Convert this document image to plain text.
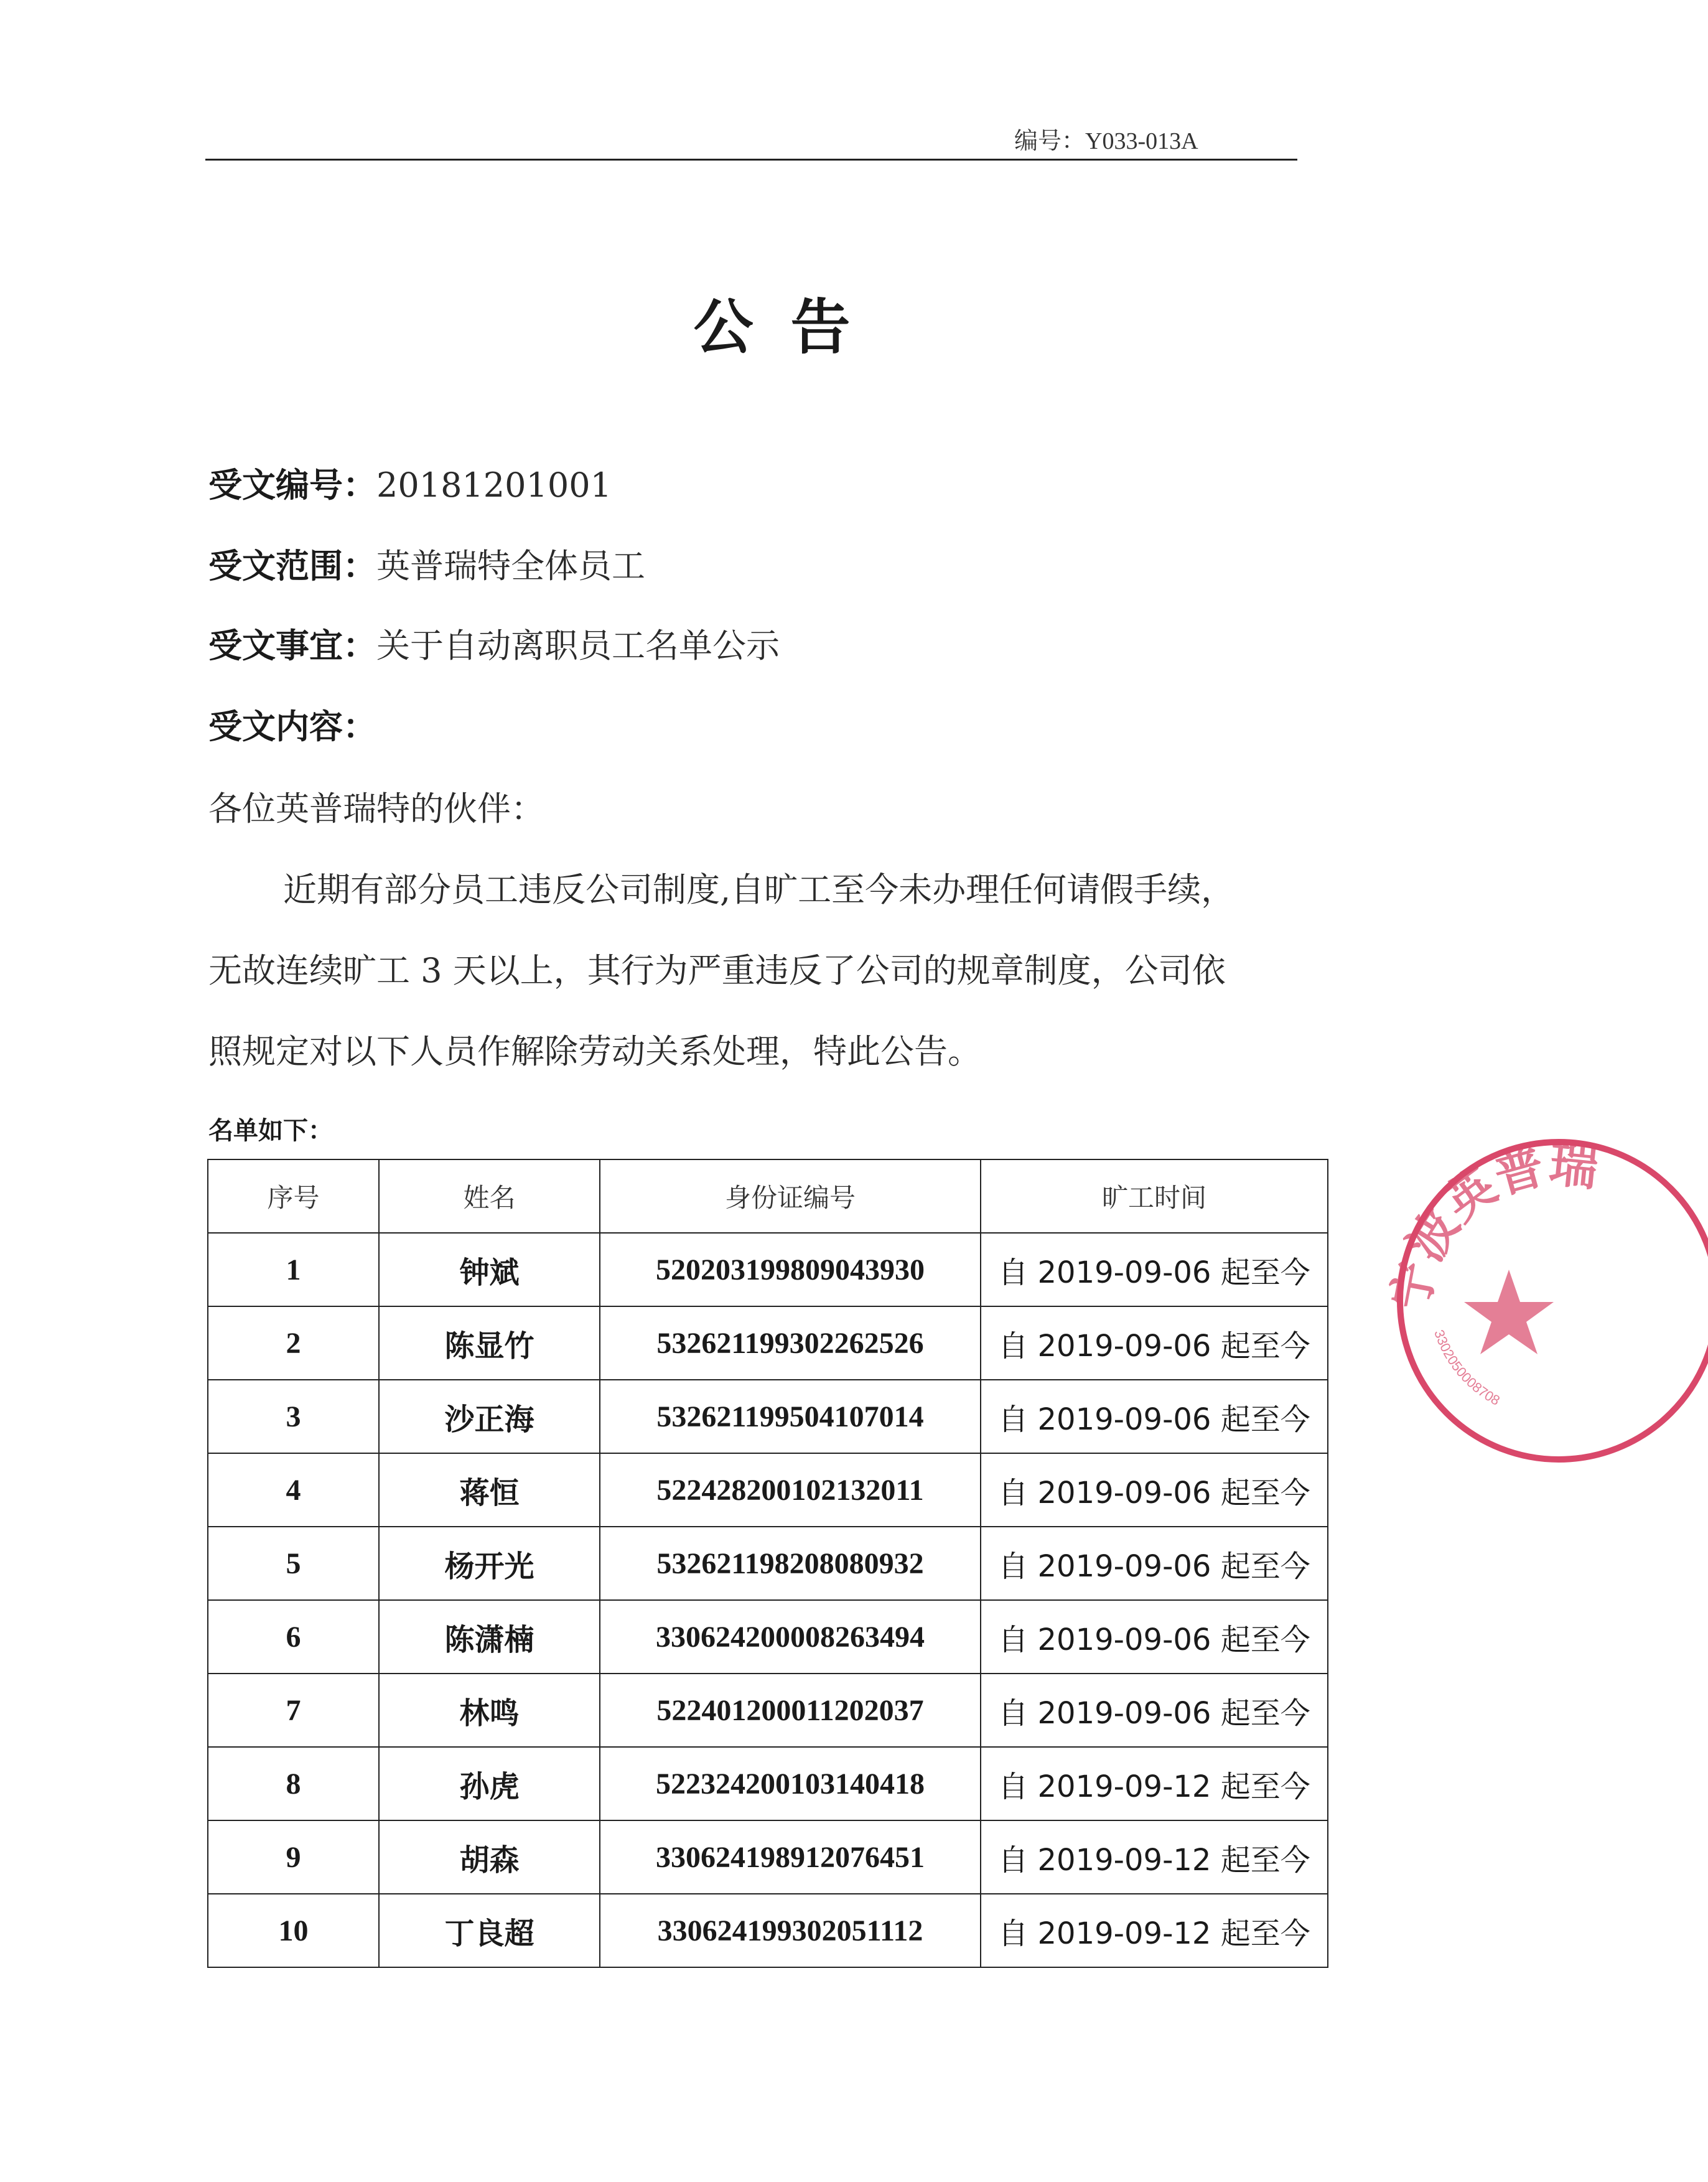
编号：Y033-013A
公告
受文编号：20181201001
受文范围：英普瑞特全体员工
受文事宜：关于自动离职员工名单公示
受文内容：
各位英普瑞特的伙伴：
近期有部分员工违反公司制度,自旷工至今未办理任何请假手续，
无故连续旷工 3 天以上，其行为严重违反了公司的规章制度，公司依
照规定对以下人员作解除劳动关系处理，特此公告。
名单如下：
序号	姓名	身份证编号	旷工时间
1	钟斌	520203199809043930	自 2019-09-06 起至今
2	陈显竹	532621199302262526	自 2019-09-06 起至今
3	沙正海	532621199504107014	自 2019-09-06 起至今
4	蒋恒	522428200102132011	自 2019-09-06 起至今
5	杨开光	532621198208080932	自 2019-09-06 起至今
6	陈潇楠	330624200008263494	自 2019-09-06 起至今
7	林鸣	522401200011202037	自 2019-09-06 起至今
8	孙虎	522324200103140418	自 2019-09-12 起至今
9	胡森	330624198912076451	自 2019-09-12 起至今
10	丁良超	330624199302051112	自 2019-09-12 起至今
宁波英普瑞
3302050008708
